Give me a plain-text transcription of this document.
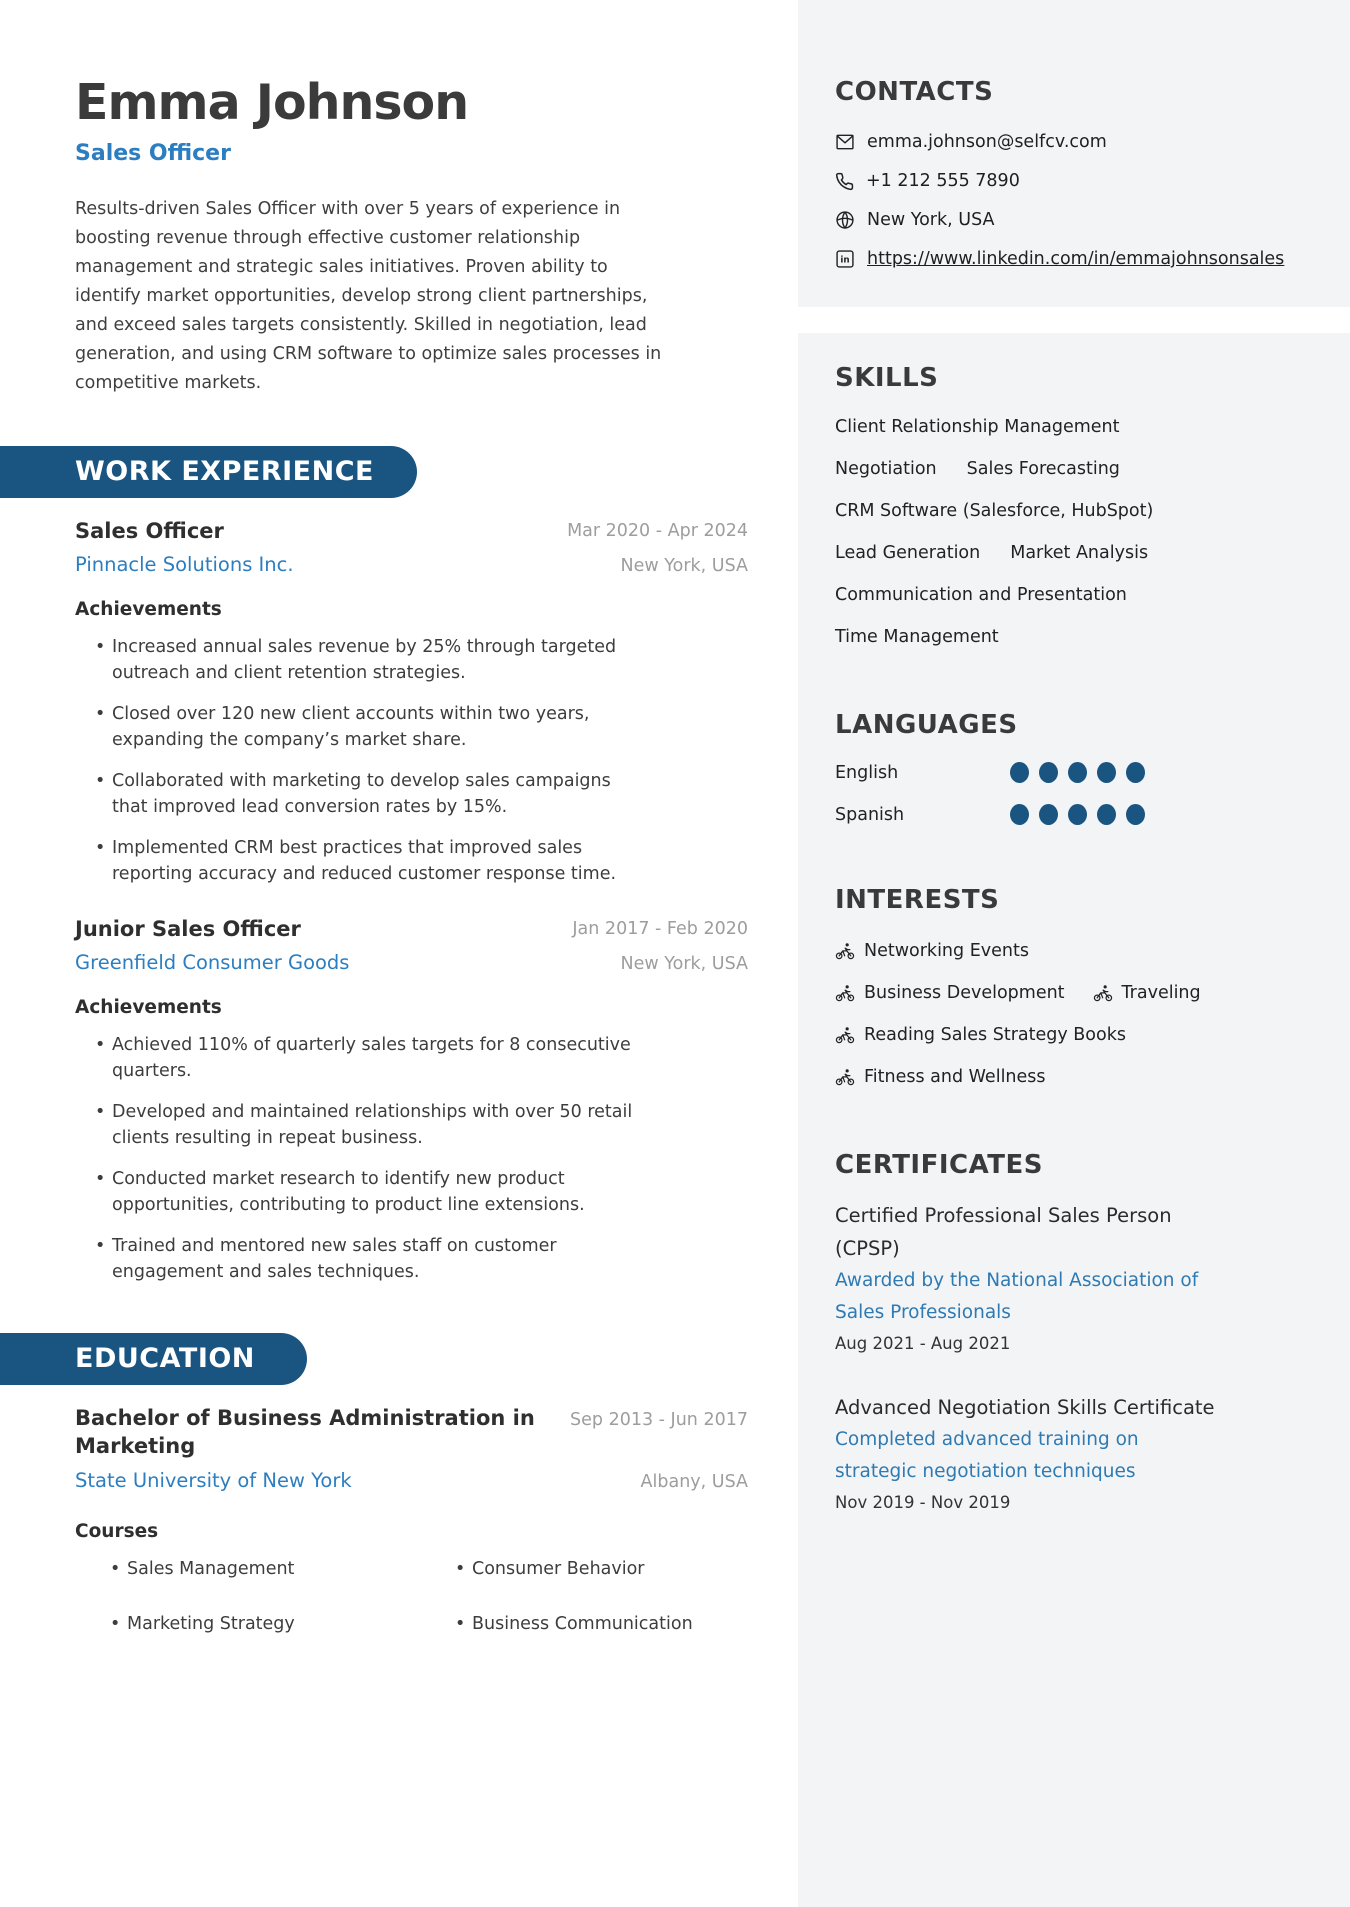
Emma Johnson
Sales Officer
Results-driven Sales Officer with over 5 years of experience in
boosting revenue through effective customer relationship
management and strategic sales initiatives. Proven ability to
identify market opportunities, develop strong client partnerships,
and exceed sales targets consistently. Skilled in negotiation, lead
generation, and using CRM software to optimize sales processes in
competitive markets.
WORK EXPERIENCE
Sales Officer
Pinnacle Solutions Inc.
Mar 2020 - Apr 2024
New York, USA
Achievements
• Increased annual sales revenue by 25% through targeted
outreach and client retention strategies.
• Closed over 120 new client accounts within two years,
expanding the company’s market share.
• Collaborated with marketing to develop sales campaigns
that improved lead conversion rates by 15%.
• Implemented CRM best practices that improved sales
reporting accuracy and reduced customer response time.
Junior Sales Officer
Greenfield Consumer Goods
Jan 2017 - Feb 2020
New York, USA
Achievements
• Achieved 110% of quarterly sales targets for 8 consecutive
quarters.
• Developed and maintained relationships with over 50 retail
clients resulting in repeat business.
• Conducted market research to identify new product
opportunities, contributing to product line extensions.
• Trained and mentored new sales staff on customer
engagement and sales techniques.
EDUCATION
Bachelor of Business Administration in
Marketing
State University of New York
Sep 2013 - Jun 2017
Albany, USA
Courses
• Sales Management	• Consumer Behavior
• Marketing Strategy	• Business Communication
CONTACTS
emma.johnson@selfcv.com
+1 212 555 7890
New York, USA
in https://www.linkedin.com/in/emmajohnsonsales
SKILLS
Client Relationship Management
Negotiation Sales Forecasting
CRM Software (Salesforce, HubSpot)
Lead Generation Market Analysis
Communication and Presentation
Time Management
LANGUAGES
English
Spanish
INTERESTS
Networking Events
Business Development	Traveling
Reading Sales Strategy Books
Fitness and Wellness
CERTIFICATES
Certified Professional Sales Person
(CPSP)
Awarded by the National Association of
Sales Professionals
Aug 2021 - Aug 2021
Advanced Negotiation Skills Certificate
Completed advanced training on
strategic negotiation techniques
Nov 2019 - Nov 2019
